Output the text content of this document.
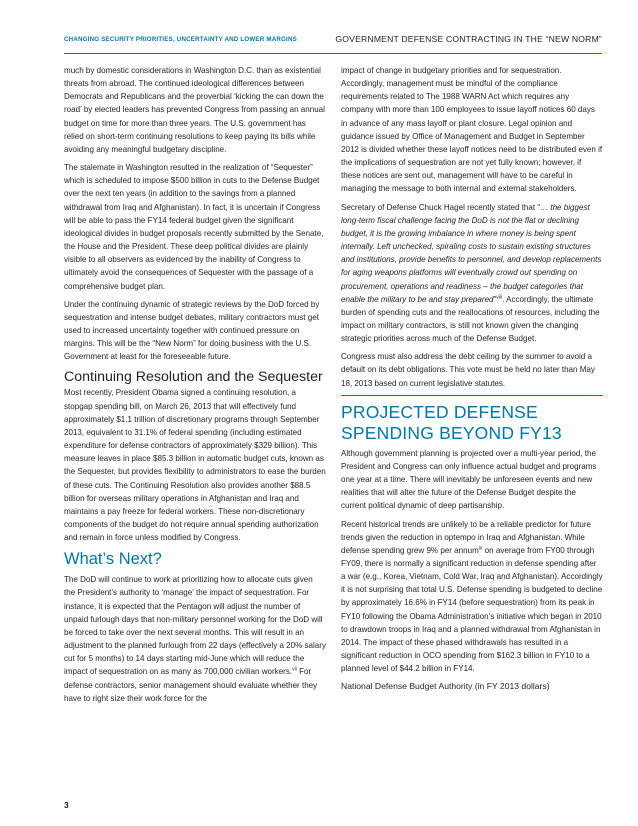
CHANGING SECURITY PRIORITIES, UNCERTAINTY AND LOWER MARGINS	GOVERNMENT DEFENSE CONTRACTING IN THE “NEW NORM”

much by domestic considerations in Washington D.C. than as existential threats from abroad. The continued ideological differences between Democrats and Republicans and the proverbial ‘kicking the can down the road’ by elected leaders has prevented Congress from passing an annual budget on time for more than three years. The U.S. government has relied on short-term continuing resolutions to keep paying its bills while avoiding any meaningful budgetary discipline.

The stalemate in Washington resulted in the realization of “Sequester” which is scheduled to impose $500 billion in cuts to the Defense Budget over the next ten years (in addition to the savings from a planned withdrawal from Iraq and Afghanistan). In fact, it is uncertain if Congress will be able to pass the FY14 federal budget given the significant ideological divides in budget proposals recently submitted by the Senate, the House and the President. These deep political divides are plainly visible to all observers as evidenced by the inability of Congress to ultimately avoid the consequences of Sequester with the passage of a comprehensive budget plan.

Under the continuing dynamic of strategic reviews by the DoD forced by sequestration and intense budget debates, military contractors must get used to increased uncertainty together with continued pressure on margins. This will be the “New Norm” for doing business with the U.S. Government at least for the foreseeable future.

Continuing Resolution and the Sequester

Most recently, President Obama signed a continuing resolution, a stopgap spending bill, on March 26, 2013 that will effectively fund approximately $1.1 trillion of discretionary programs through September 2013, equivalent to 31.1% of federal spending (including estimated expenditure for defense contractors of approximately $329 billion). This measure leaves in place $85.3 billion in automatic budget cuts, known as the Sequester, but provides flexibility to administrators to ease the burden of these cuts. The Continuing Resolution also provides another $88.5 billion for overseas military operations in Afghanistan and Iraq and maintains a pay freeze for federal workers. These non-discretionary components of the budget do not require annual spending authorization and remain in force unless modified by Congress.

What’s Next?

The DoD will continue to work at prioritizing how to allocate cuts given the President’s authority to ‘manage’ the impact of sequestration. For instance, it is expected that the Pentagon will adjust the number of unpaid furlough days that non-military personnel working for the DoD will be forced to take over the next several months. This will result in an adjustment to the planned furlough from 22 days (effectively a 20% salary cut for 5 months) to 14 days starting mid-June which will reduce the impact of sequestration on as many as 700,000 civilian workers.$^{vii}$ For defense contractors, senior management should evaluate whether they have to right size their work force for the

impact of change in budgetary priorities and for sequestration. Accordingly, management must be mindful of the compliance requirements related to The 1988 WARN Act which requires any company with more than 100 employees to issue layoff notices 60 days in advance of any mass layoff or plant closure. Legal opinion and guidance issued by Office of Management and Budget in September 2012 is divided whether these layoff notices need to be distributed even if the implications of sequestration are not yet fully known; however, if these notices are sent out, management will have to be careful in managing the message to both internal and external stakeholders.

Secretary of Defense Chuck Hagel recently stated that “… the biggest long-term fiscal challenge facing the DoD is not the flat or declining budget, it is the growing imbalance in where money is being spent internally. Left unchecked, spiraling costs to sustain existing structures and institutions, provide benefits to personnel, and develop replacements for aging weapons platforms will eventually crowd out spending on procurement, operations and readiness – the budget categories that enable the military to be and stay prepared”$^{viii}$. Accordingly, the ultimate burden of spending cuts and the reallocations of resources, including the impact on military contractors, is still not known given the changing strategic priorities across much of the Defense Budget.

Congress must also address the debt ceiling by the summer to avoid a default on its debt obligations. This vote must be held no later than May 18, 2013 based on current legislative statutes.

PROJECTED DEFENSE SPENDING BEYOND FY13

Although government planning is projected over a multi-year period, the President and Congress can only influence actual budget and programs one year at a time. There will inevitably be unforeseen events and new realities that will alter the future of the Defense Budget despite the current political dynamic of deep partisanship.

Recent historical trends are unlikely to be a reliable predictor for future trends given the reduction in optempo in Iraq and Afghanistan. While defense spending grew 9% per annum$^{ix}$ on average from FY00 through FY09, there is normally a significant reduction in defense spending after a war (e.g., Korea, Vietnam, Cold War, Iraq and Afghanistan). Accordingly it is not surprising that total U.S. Defense spending is budgeted to decline by approximately 16.6% in FY14 (before sequestration) from its peak in FY10 following the Obama Administration’s initiative which began in 2010 to drawdown troops in Iraq and a planned withdrawal from Afghanistan in 2014. The impact of these phased withdrawals has resulted in a significant reduction in OCO spending from $162.3 billion in FY10 to a planned level of $44.2 billion in FY14.

National Defense Budget Authority (in FY 2013 dollars)

3
